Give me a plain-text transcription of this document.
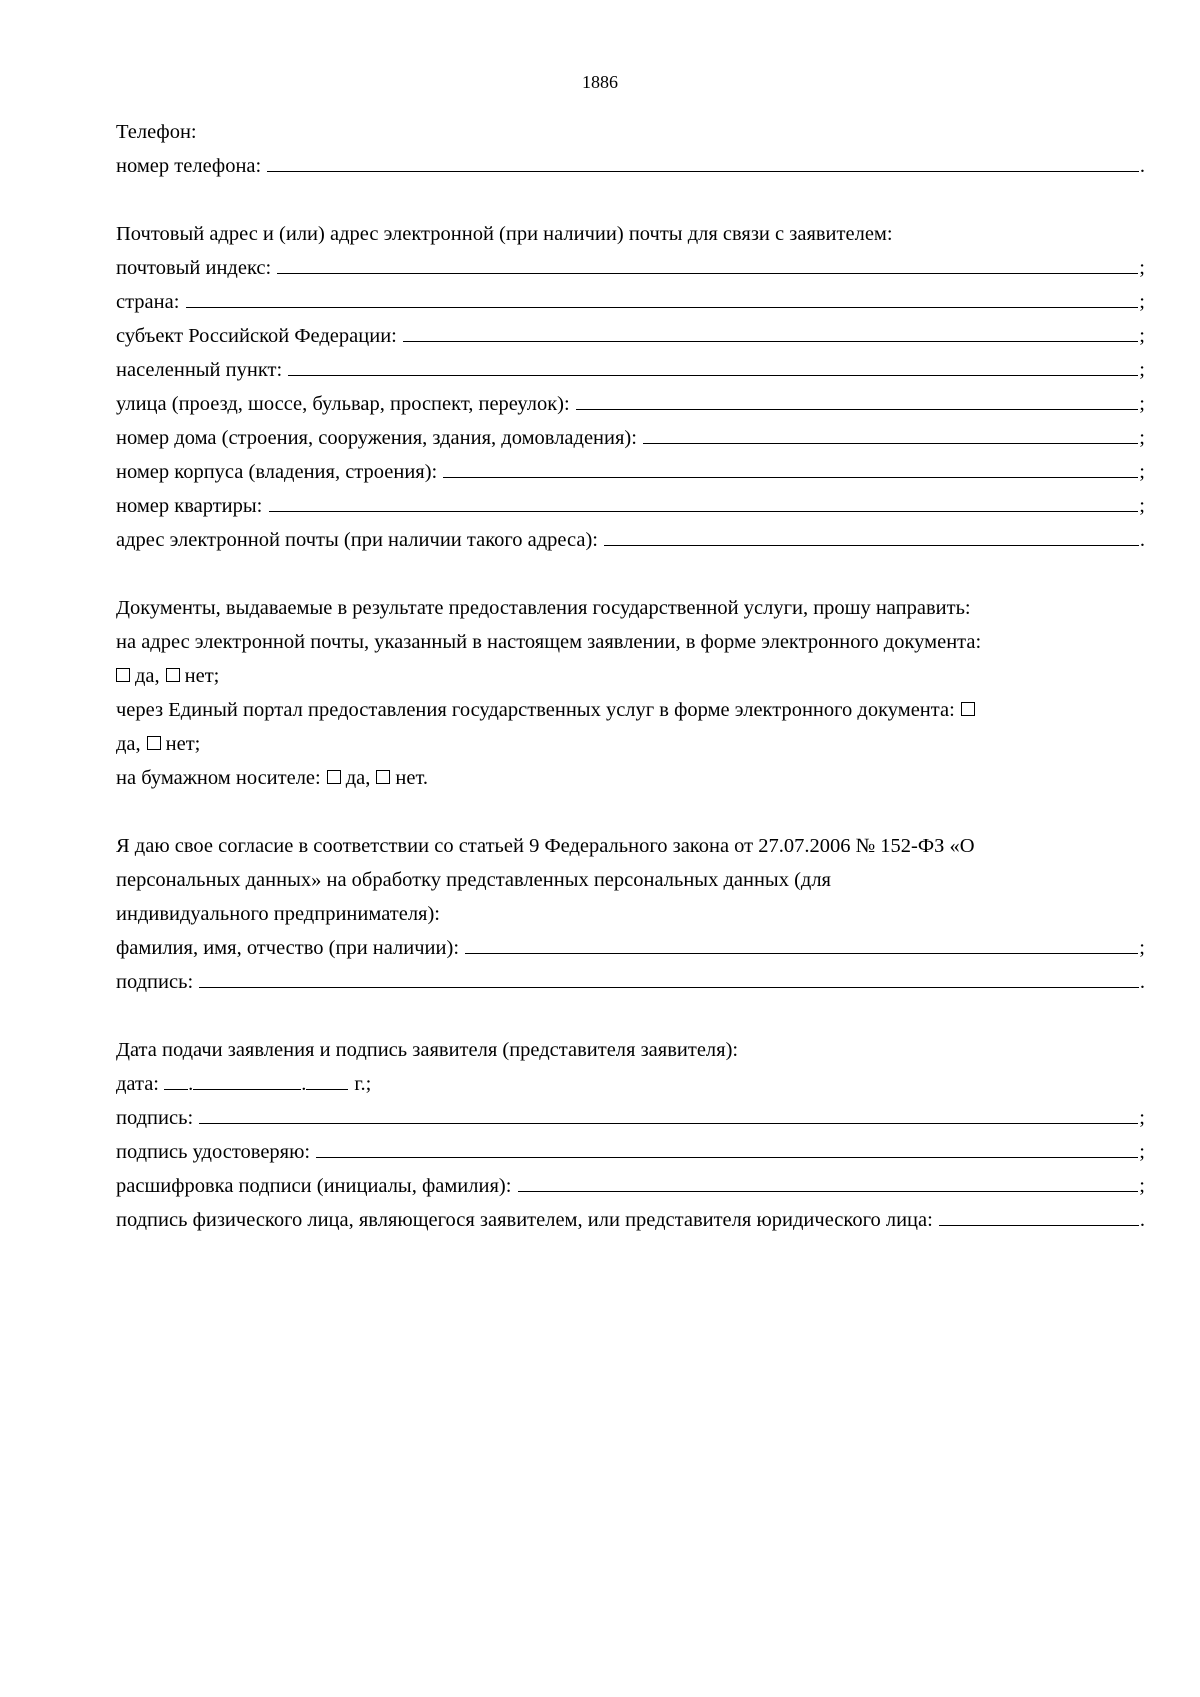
1886
Телефон:
номер телефона:	.
Почтовый адрес и (или) адрес электронной (при наличии) почты для связи с заявителем:
почтовый индекс:	;
страна:	;
субъект Российской Федерации:	;
населенный пункт:	;
улица (проезд, шоссе, бульвар, проспект, переулок):	;
номер дома (строения, сооружения, здания, домовладения):	;
номер корпуса (владения, строения):	;
номер квартиры:	;
адрес электронной почты (при наличии такого адреса):	.
Документы, выдаваемые в результате предоставления государственной услуги, прошу направить:
на адрес электронной почты, указанный в настоящем заявлении, в форме электронного документа:
да, нет;
через Единый портал предоставления государственных услуг в форме электронного документа:
да, нет;
на бумажном носителе: да, нет.
Я даю свое согласие в соответствии со статьей 9 Федерального закона от 27.07.2006 № 152-ФЗ «О
персональных данных» на обработку представленных персональных данных (для
индивидуального предпринимателя):
фамилия, имя, отчество (при наличии):	;
подпись:	.
Дата подачи заявления и подпись заявителя (представителя заявителя):
дата: .	. г.;
подпись:	;
подпись удостоверяю:	;
расшифровка подписи (инициалы, фамилия):	;
подпись физического лица, являющегося заявителем, или представителя юридического лица:	.
